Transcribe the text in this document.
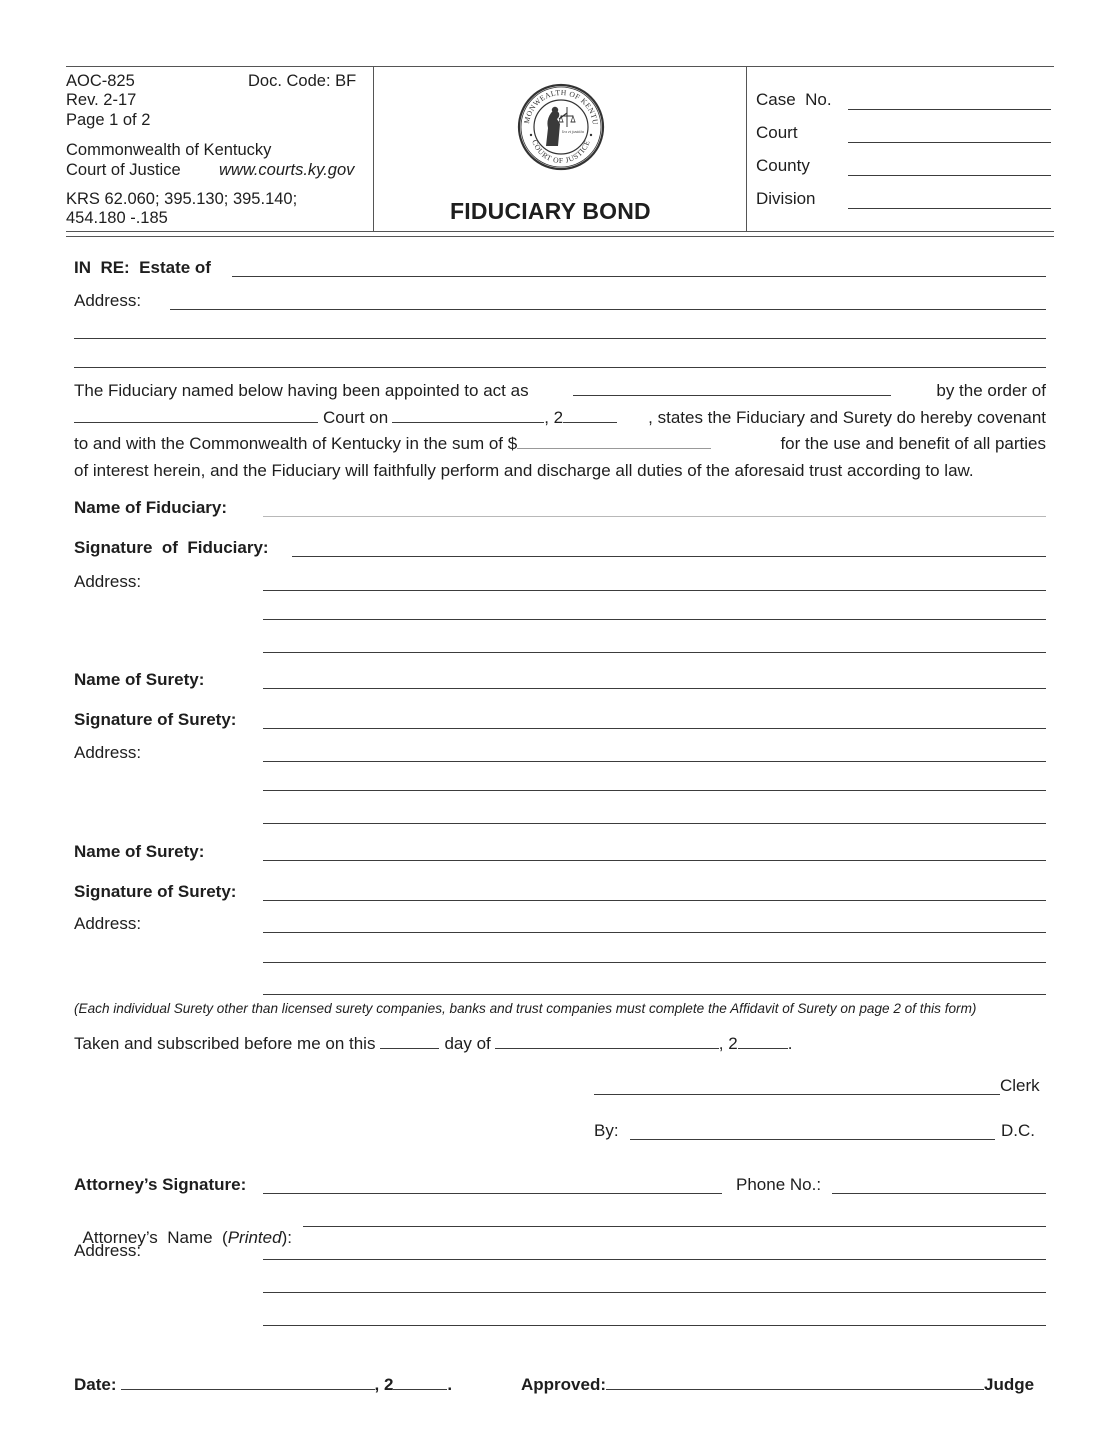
AOC-825	Doc. Code: BF
Rev. 2-17
Page 1 of 2
Commonwealth of Kentucky
Court of Justice www.courts.ky.gov
KRS 62.060; 395.130; 395.140;
454.180 -.185
MONWEALTH OF KENTU
COURT OF JUSTICE
lex et justitia
FIDUCIARY BOND
Case  No.
Court
County
Division
IN  RE:  Estate of
Address:
The Fiduciary named below having been appointed to act as	by the order of
Court on	, 2	, states the Fiduciary and Surety do hereby covenant
to and with the Commonwealth of Kentucky in the sum of $	for the use and benefit of all parties
of interest herein, and the Fiduciary will faithfully perform and discharge all duties of the aforesaid trust according to law.
Name of Fiduciary:
Signature  of  Fiduciary:
Address:
Name of Surety:
Signature of Surety:
Address:
Name of Surety:
Signature of Surety:
Address:
(Each individual Surety other than licensed surety companies, banks and trust companies must complete the Affidavit of Surety on page 2 of this form)
Taken and subscribed before me on this	day of	, 2	.
Clerk
By:	D.C.
Attorney’s Signature:	Phone No.:

Attorney’s  Name  (Printed):

Address:
Date:	, 2	.	Approved:	Judge
